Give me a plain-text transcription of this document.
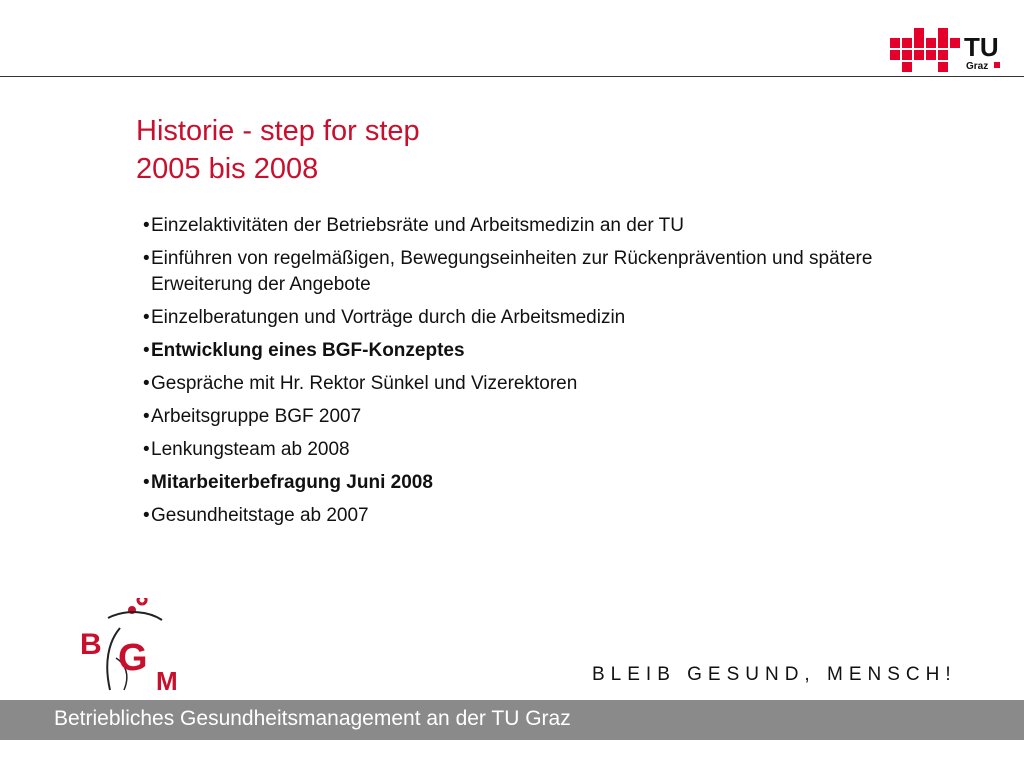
TU
Graz
Historie - step for step
2005 bis 2008
• Einzelaktivitäten der Betriebsräte und Arbeitsmedizin an der TU
• Einführen von regelmäßigen, Bewegungseinheiten zur Rückenprävention und spätere Erweiterung der Angebote
• Einzelberatungen und Vorträge durch die Arbeitsmedizin
• Entwicklung eines BGF-Konzeptes
• Gespräche mit Hr. Rektor Sünkel und Vizerektoren
• Arbeitsgruppe BGF 2007
• Lenkungsteam ab 2008
• Mitarbeiterbefragung Juni 2008
• Gesundheitstage ab 2007
B G
M	BLEIB GESUND, MENSCH!
Betriebliches Gesundheitsmanagement an der TU Graz
